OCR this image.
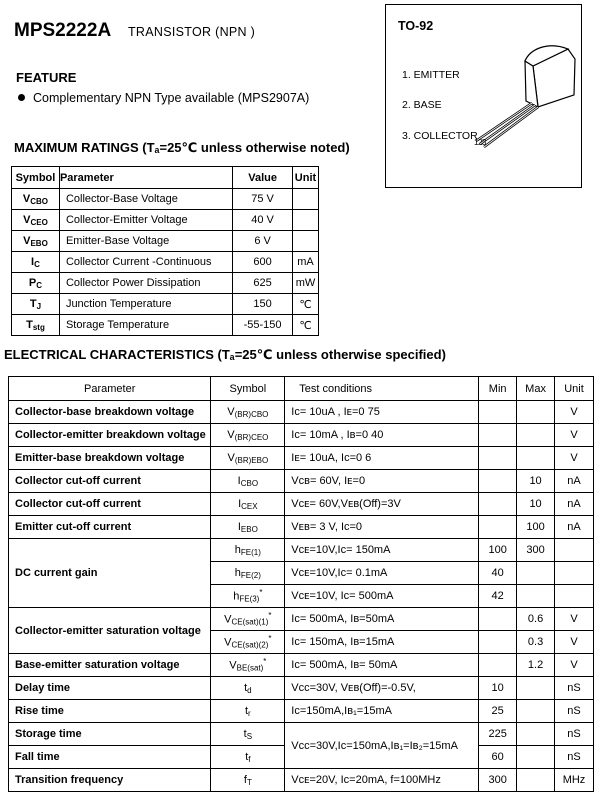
MPS2222A TRANSISTOR (NPN )
FEATURE
Complementary NPN Type available (MPS2907A)
TO-92
1. EMITTER
2. BASE
3. COLLECTOR
123
MAXIMUM RATINGS (Tₐ=25℃ unless otherwise noted)
Symbol	Parameter	Value	Unit
$V_{CBO}$	Collector-Base Voltage	75 V	
$V_{CEO}$	Collector-Emitter Voltage	40 V	
$V_{EBO}$	Emitter-Base Voltage	6 V	
$I_C$	Collector Current -Continuous	600	mA
$P_C$	Collector Power Dissipation	625	mW
$T_J$	Junction Temperature	150	℃
$T_{stg}$	Storage Temperature	-55-150	℃
ELECTRICAL CHARACTERISTICS (Tₐ=25℃ unless otherwise specified)
Parameter	Symbol	Test conditions	Min	Max	Unit
Collector-base breakdown voltage	$V_{(BR)CBO}$	Iᴄ= 10uA , Iᴇ=0 75			V
Collector-emitter breakdown voltage	$V_{(BR)CEO}$	Iᴄ= 10mA , Iʙ=0 40			V
Emitter-base breakdown voltage	$V_{(BR)EBO}$	Iᴇ= 10uA, Iᴄ=0 6			V
Collector cut-off current	$I_{CBO}$	Vᴄʙ= 60V, Iᴇ=0		10	nA
Collector cut-off current	$I_{CEX}$	Vᴄᴇ= 60V,Vᴇʙ(Off)=3V		10	nA
Emitter cut-off current	$I_{EBO}$	Vᴇʙ= 3 V, Iᴄ=0		100	nA
DC current gain	$h_{FE(1)}$	Vᴄᴇ=10V,Iᴄ= 150mA	100	300	
	$h_{FE(2)}$	Vᴄᴇ=10V,Iᴄ= 0.1mA	40		
	$h_{FE(3)}^*$	Vᴄᴇ=10V, Iᴄ= 500mA	42		
Collector-emitter saturation voltage	$V_{CE(sat)(1)}^*$	Iᴄ= 500mA, Iʙ=50mA		0.6	V
	$V_{CE(sat)(2)}^*$	Iᴄ= 150mA, Iʙ=15mA		0.3	V
Base-emitter saturation voltage	$V_{BE(sat)}^*$	Iᴄ= 500mA, Iʙ= 50mA		1.2	V
Delay time	$t_d$	Vᴄᴄ=30V, Vᴇʙ(Off)=-0.5V,	10		nS
Rise time	$t_r$	Iᴄ=150mA,Iʙ₁=15mA	25		nS
Storage time	$t_S$	Vᴄᴄ=30V,Iᴄ=150mA,Iʙ₁=Iʙ₂=15mA	225		nS
Fall time	$t_f$		60		nS
Transition frequency	$f_T$	Vᴄᴇ=20V, Iᴄ=20mA, f=100MHz	300		MHz
